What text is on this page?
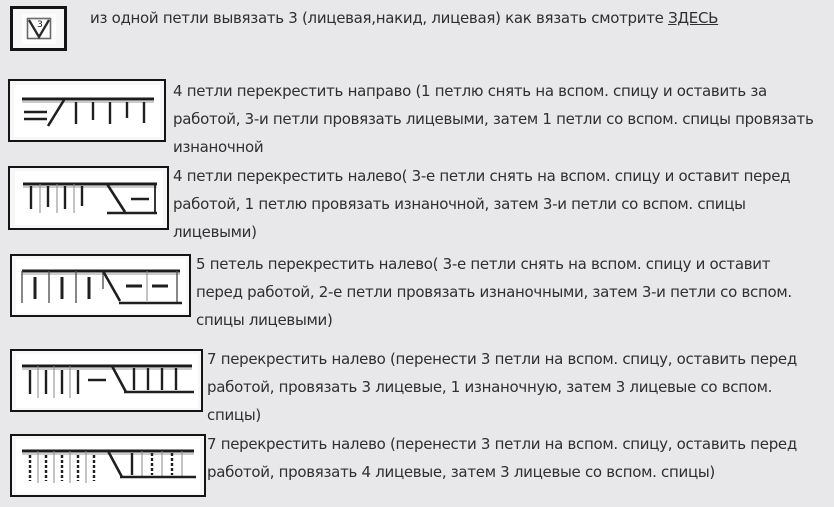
3	из одной петли вывязать 3 (лицевая,накид, лицевая) как вязать смотрите ЗДЕСЬ

4 петли перекрестить направо (1 петлю снять на вспом. спицу и оставить за работой, 3-и петли провязать лицевыми, затем 1 петли со вспом. спицы провязать изнаночной

4 петли перекрестить налево( 3-е петли снять на вспом. спицу и оставит перед работой, 1 петлю провязать изнаночной, затем 3-и петли со вспом. спицы лицевыми)

5 петель перекрестить налево( 3-е петли снять на вспом. спицу и оставит перед работой, 2-е петли провязать изнаночными, затем 3-и петли со вспом. спицы лицевыми)

7 перекрестить налево (перенести 3 петли на вспом. спицу, оставить перед работой, провязать 3 лицевые, 1 изнаночную, затем 3 лицевые со вспом. спицы)

7 перекрестить налево (перенести 3 петли на вспом. спицу, оставить перед работой, провязать 4 лицевые, затем 3 лицевые со вспом. спицы)
